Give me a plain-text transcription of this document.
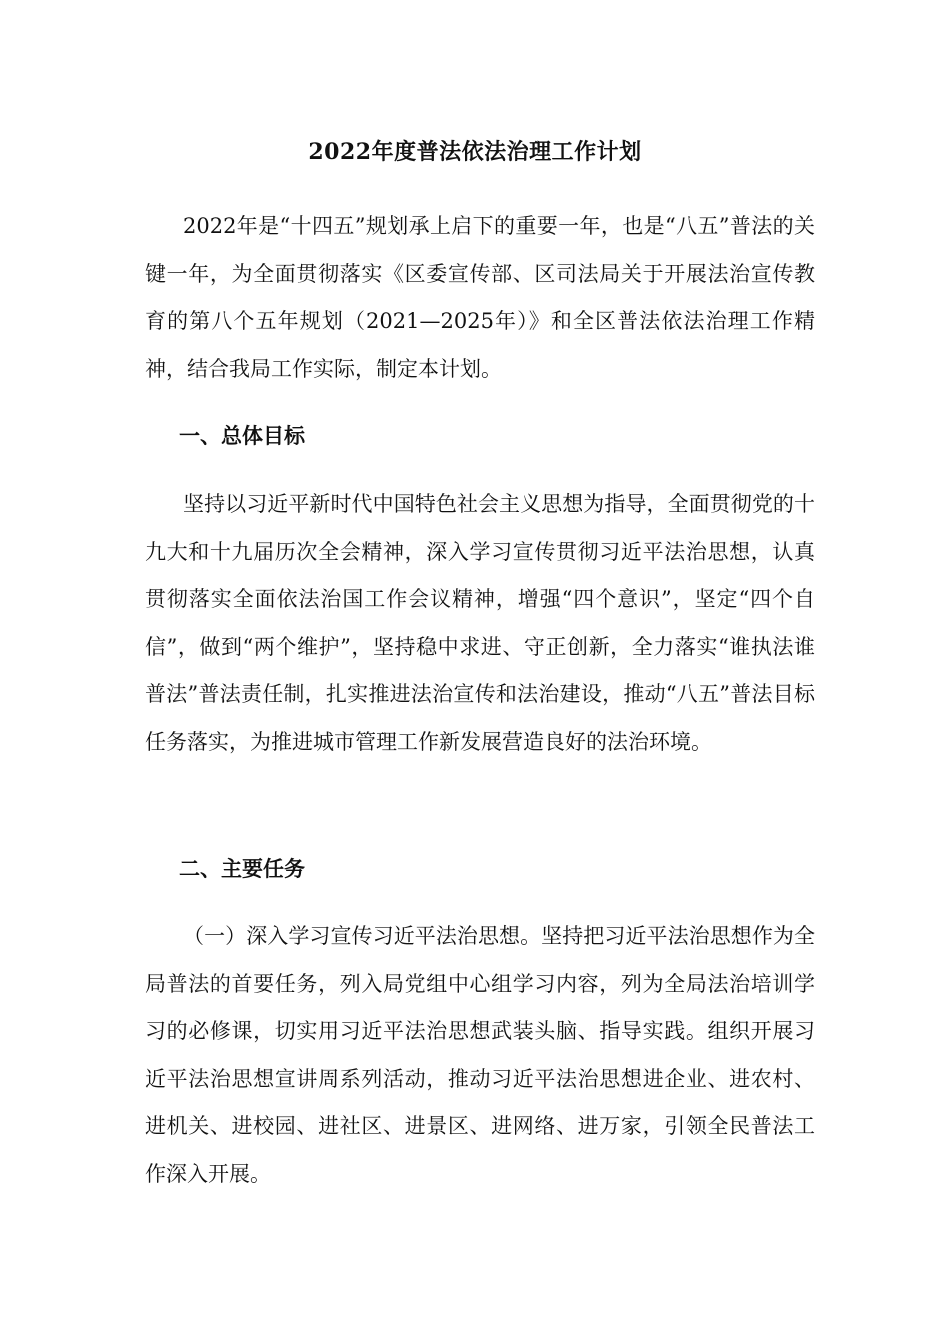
2022年度普法依法治理工作计划

2022年是“十四五”规划承上启下的重要一年，也是“八五”普法的关键一年，为全面贯彻落实《区委宣传部、区司法局关于开展法治宣传教育的第八个五年规划（2021—2025年）》和全区普法依法治理工作精神，结合我局工作实际，制定本计划。

一、总体目标

坚持以习近平新时代中国特色社会主义思想为指导，全面贯彻党的十九大和十九届历次全会精神，深入学习宣传贯彻习近平法治思想，认真贯彻落实全面依法治国工作会议精神，增强“四个意识”，坚定“四个自信”，做到“两个维护”，坚持稳中求进、守正创新，全力落实“谁执法谁普法”普法责任制，扎实推进法治宣传和法治建设，推动“八五”普法目标任务落实，为推进城市管理工作新发展营造良好的法治环境。

二、主要任务

（一）深入学习宣传习近平法治思想。坚持把习近平法治思想作为全局普法的首要任务，列入局党组中心组学习内容，列为全局法治培训学习的必修课，切实用习近平法治思想武装头脑、指导实践。组织开展习近平法治思想宣讲周系列活动，推动习近平法治思想进企业、进农村、进机关、进校园、进社区、进景区、进网络、进万家，引领全民普法工作深入开展。
